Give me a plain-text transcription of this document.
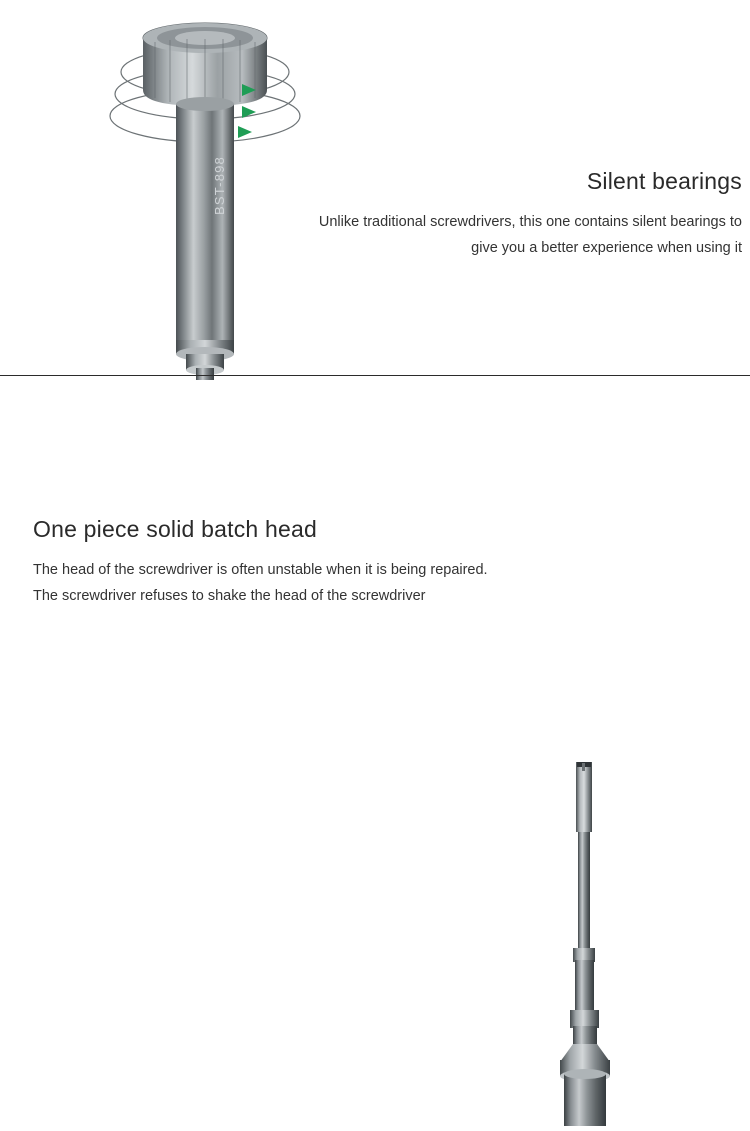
BST-898	Silent bearings

Unlike traditional screwdrivers, this one contains silent bearings to give you a better experience when using it

One piece solid batch head

The head of the screwdriver is often unstable when it is being repaired. The screwdriver refuses to shake the head of the screwdriver
